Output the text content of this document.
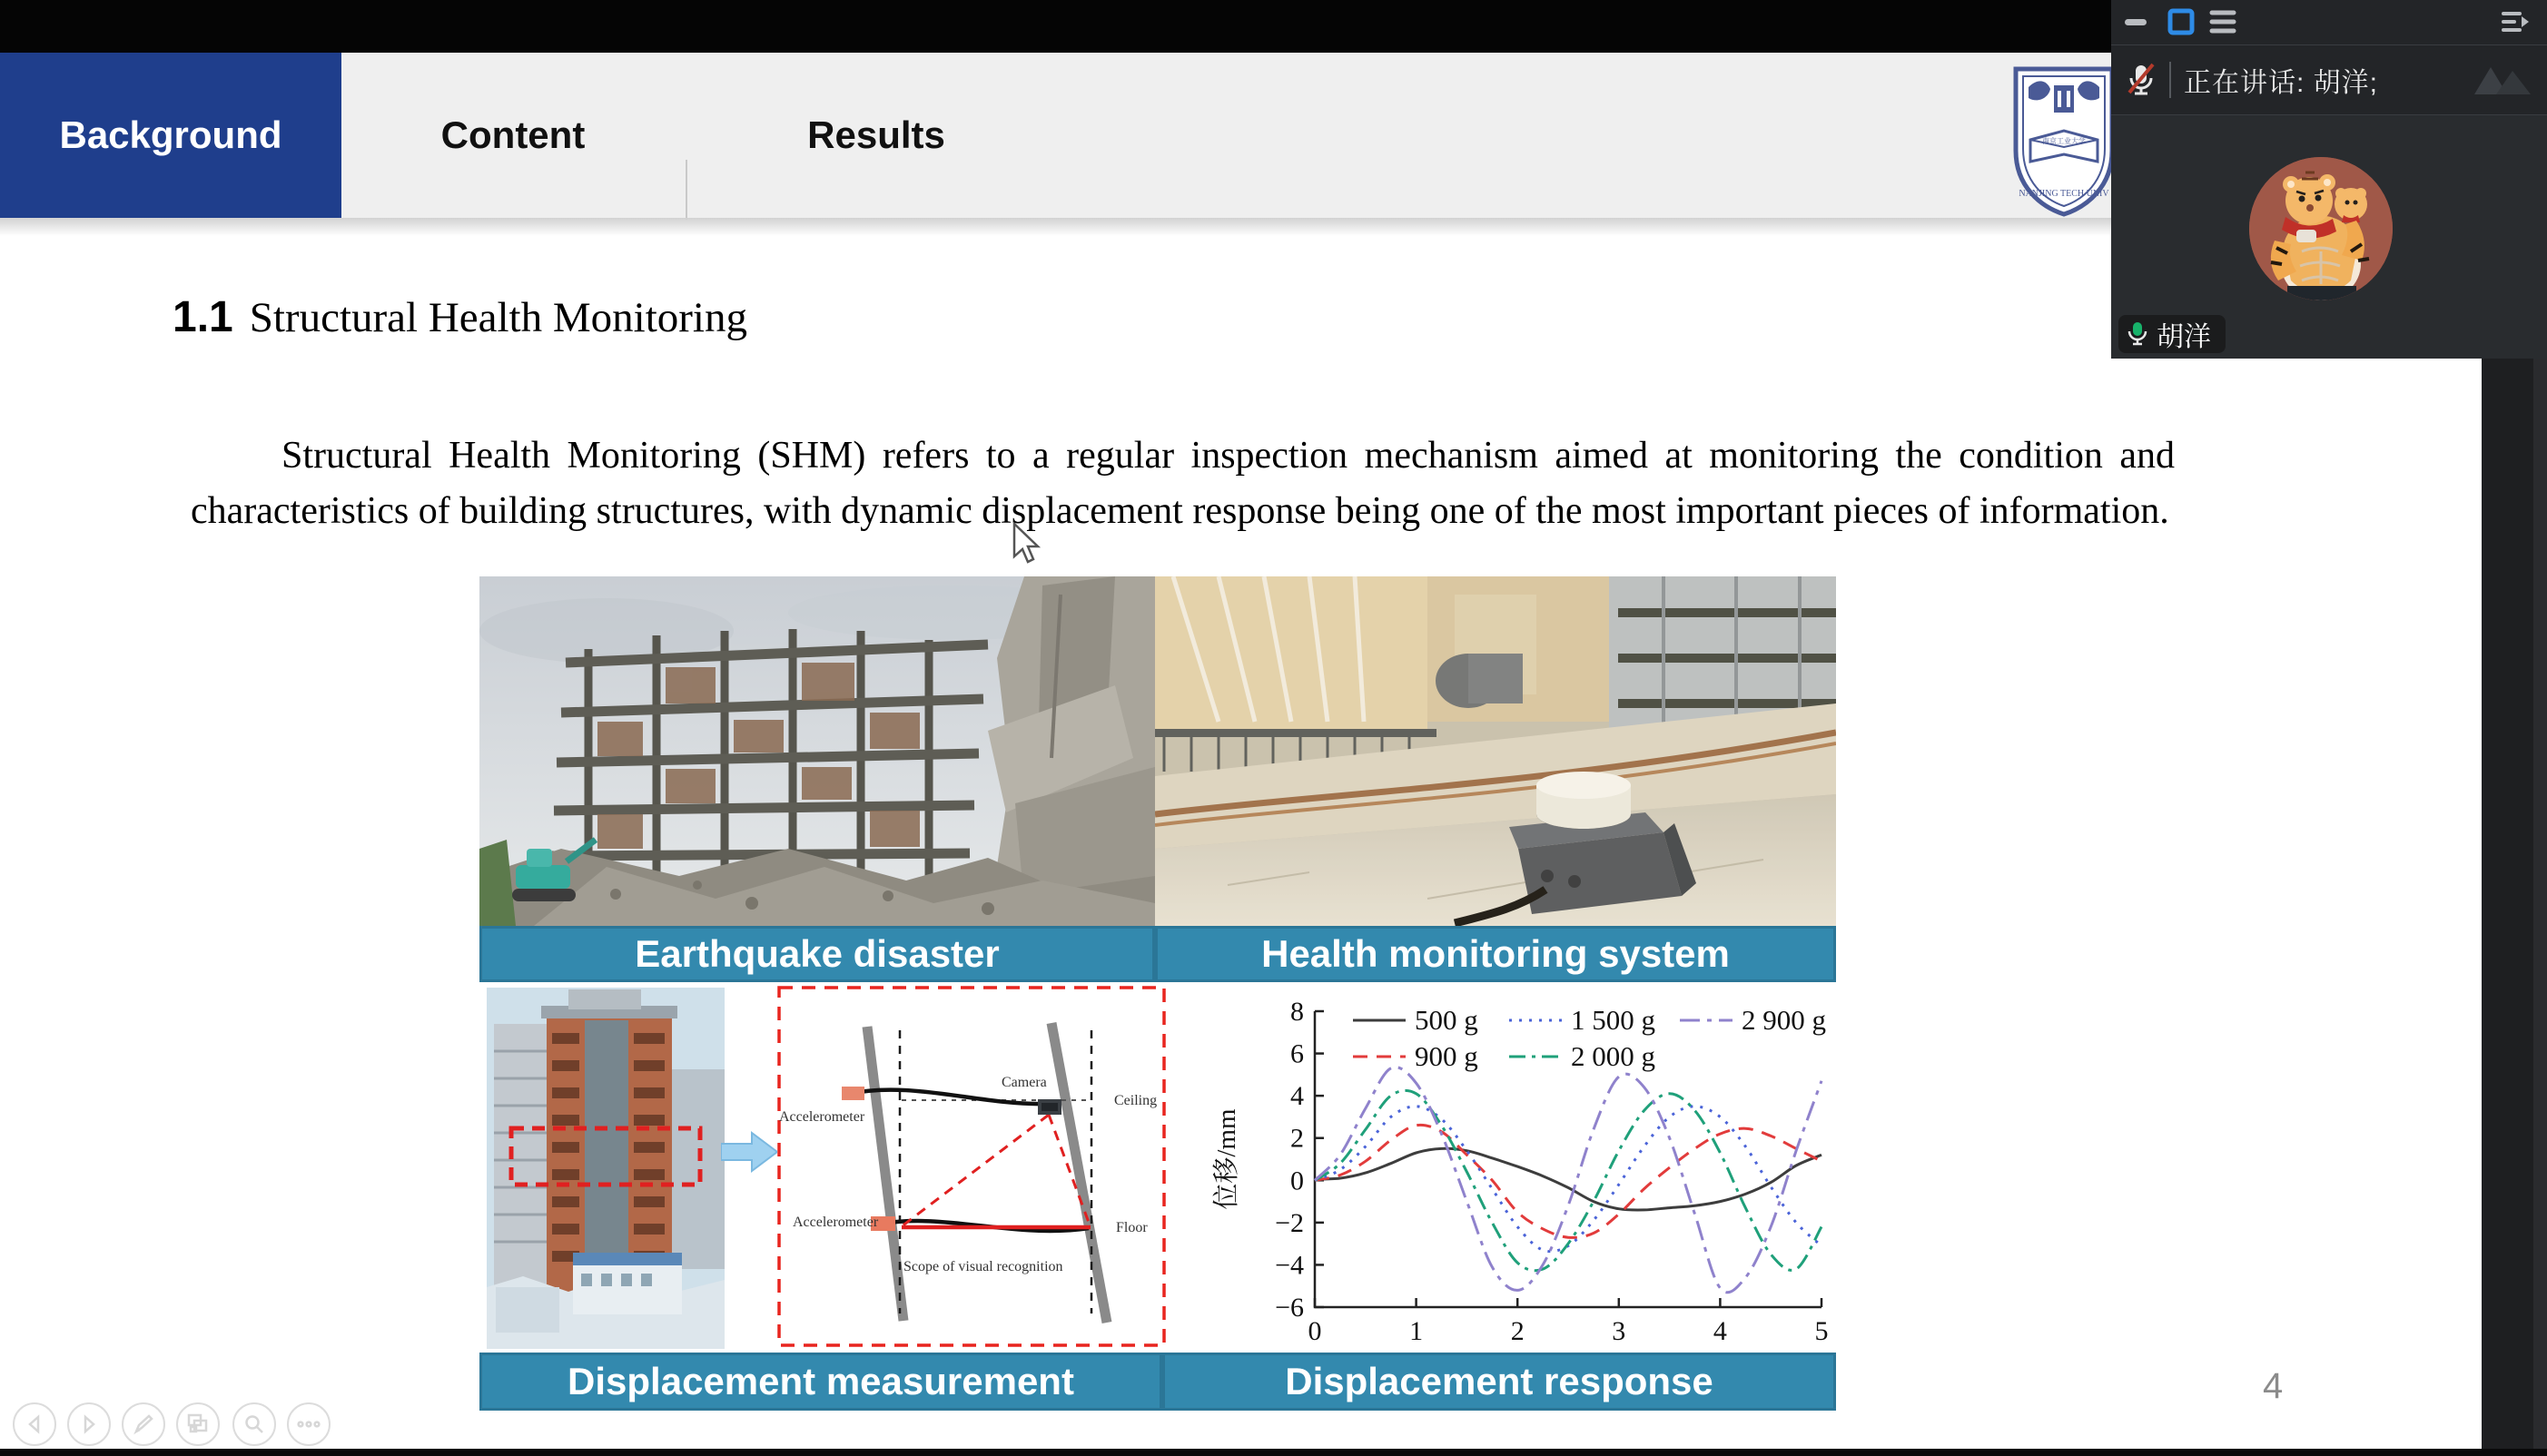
Background	Content	Results	1902
南京工业大学
NANJING TECH UNIV
1.1 Structural Health Monitoring

Structural Health Monitoring (SHM) refers to a regular inspection mechanism aimed at monitoring the condition and characteristics of building structures, with dynamic displacement response being one of the most important pieces of information.

Earthquake disaster	Health monitoring system
Accelerometer
Accelerometer
Camera
Ceiling
Floor
Scope of visual recognition
−6
−4
−2
0
2
4
6
8
0	1	2	3	4	5
位移/mm
500 g
900 g
1 500 g
2 000 g
2 900 g
Displacement measurement	Displacement response	4
正在讲话: 胡洋;
胡洋
